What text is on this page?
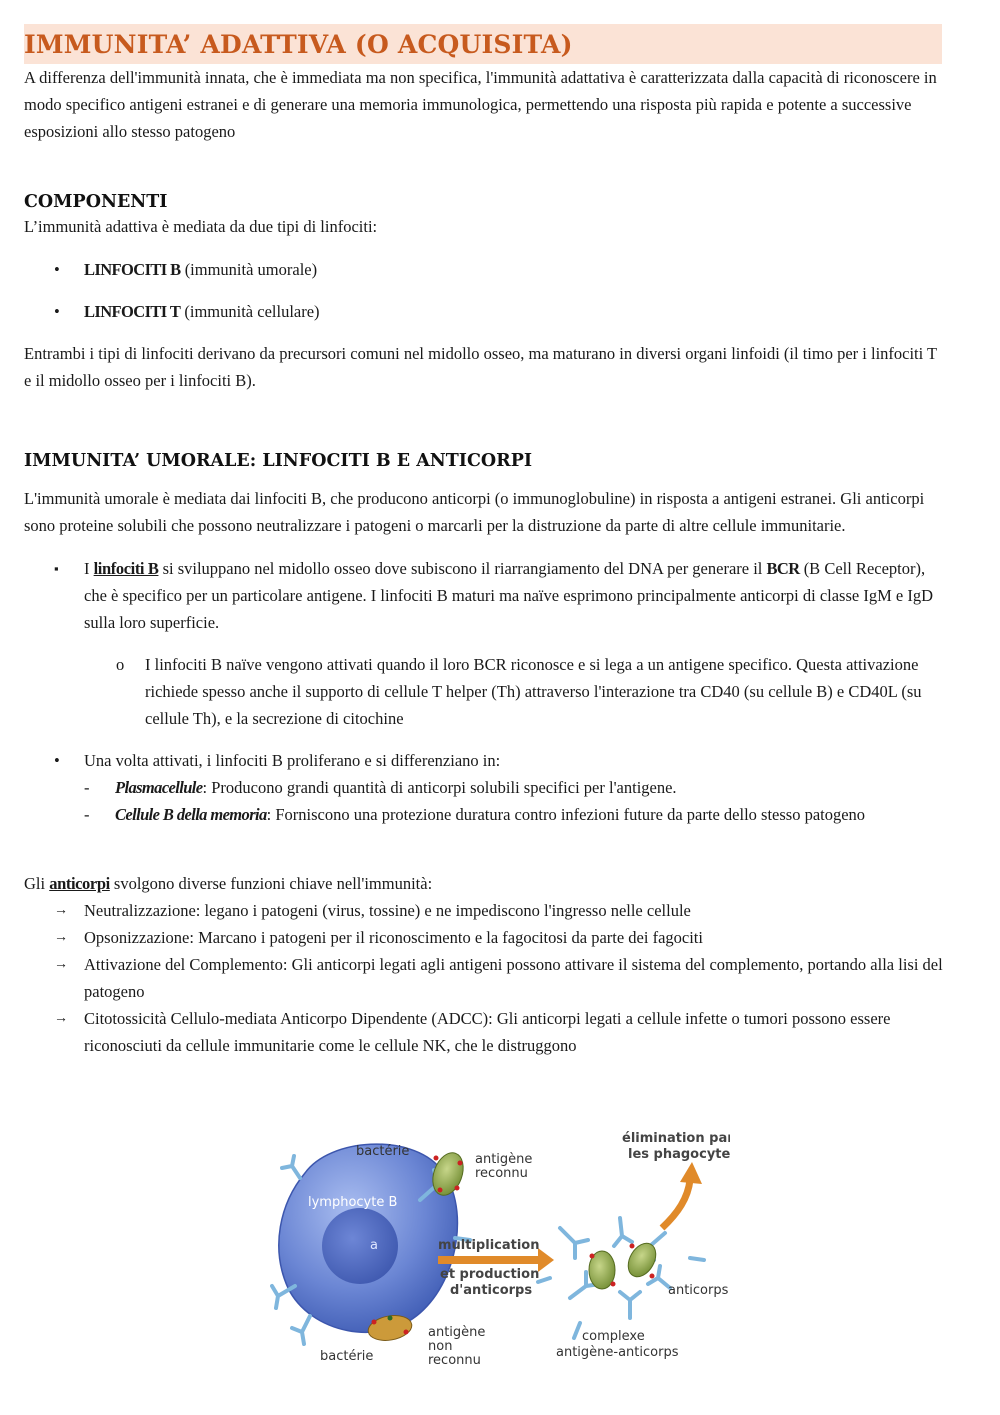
IMMUNITA’ ADATTIVA (O ACQUISITA)

A differenza dell'immunità innata, che è immediata ma non specifica, l'immunità adattativa è caratterizzata dalla capacità di riconoscere in modo specifico antigeni estranei e di generare una memoria immunologica, permettendo una risposta più rapida e potente a successive esposizioni allo stesso patogeno

COMPONENTI

L’immunità adattiva è mediata da due tipi di linfociti:

• LINFOCITI B (immunità umorale)
• LINFOCITI T (immunità cellulare)

Entrambi i tipi di linfociti derivano da precursori comuni nel midollo osseo, ma maturano in diversi organi linfoidi (il timo per i linfociti T e il midollo osseo per i linfociti B).

IMMUNITA’ UMORALE: LINFOCITI B E ANTICORPI

L'immunità umorale è mediata dai linfociti B, che producono anticorpi (o immunoglobuline) in risposta a antigeni estranei. Gli anticorpi sono proteine solubili che possono neutralizzare i patogeni o marcarli per la distruzione da parte di altre cellule immunitarie.

▪ I linfociti B si sviluppano nel midollo osseo dove subiscono il riarrangiamento del DNA per generare il BCR (B Cell Receptor), che è specifico per un particolare antigene. I linfociti B maturi ma naïve esprimono principalmente anticorpi di classe IgM e IgD sulla loro superficie.
o I linfociti B naïve vengono attivati quando il loro BCR riconosce e si lega a un antigene specifico. Questa attivazione richiede spesso anche il supporto di cellule T helper (Th) attraverso l'interazione tra CD40 (su cellule B) e CD40L (su cellule Th), e la secrezione di citochine
• Una volta attivati, i linfociti B proliferano e si differenziano in:
- Plasmacellule: Producono grandi quantità di anticorpi solubili specifici per l'antigene.
- Cellule B della memoria: Forniscono una protezione duratura contro infezioni future da parte dello stesso patogeno

Gli anticorpi svolgono diverse funzioni chiave nell'immunità:

→ Neutralizzazione: legano i patogeni (virus, tossine) e ne impediscono l'ingresso nelle cellule
→ Opsonizzazione: Marcano i patogeni per il riconoscimento e la fagocitosi da parte dei fagociti
→ Attivazione del Complemento: Gli anticorpi legati agli antigeni possono attivare il sistema del complemento, portando alla lisi del patogeno
→ Citotossicità Cellulo-mediata Anticorpo Dipendente (ADCC): Gli anticorpi legati a cellule infette o tumori possono essere riconosciuti da cellule immunitarie come le cellule NK, che le distruggono
bactérie
antigène
reconnu
lymphocyte B
a	multiplication
et production
d'anticorps
élimination par
les phagocytes
anticorps
complexe
antigène-anticorps
antigène
non
reconnu
bactérie
